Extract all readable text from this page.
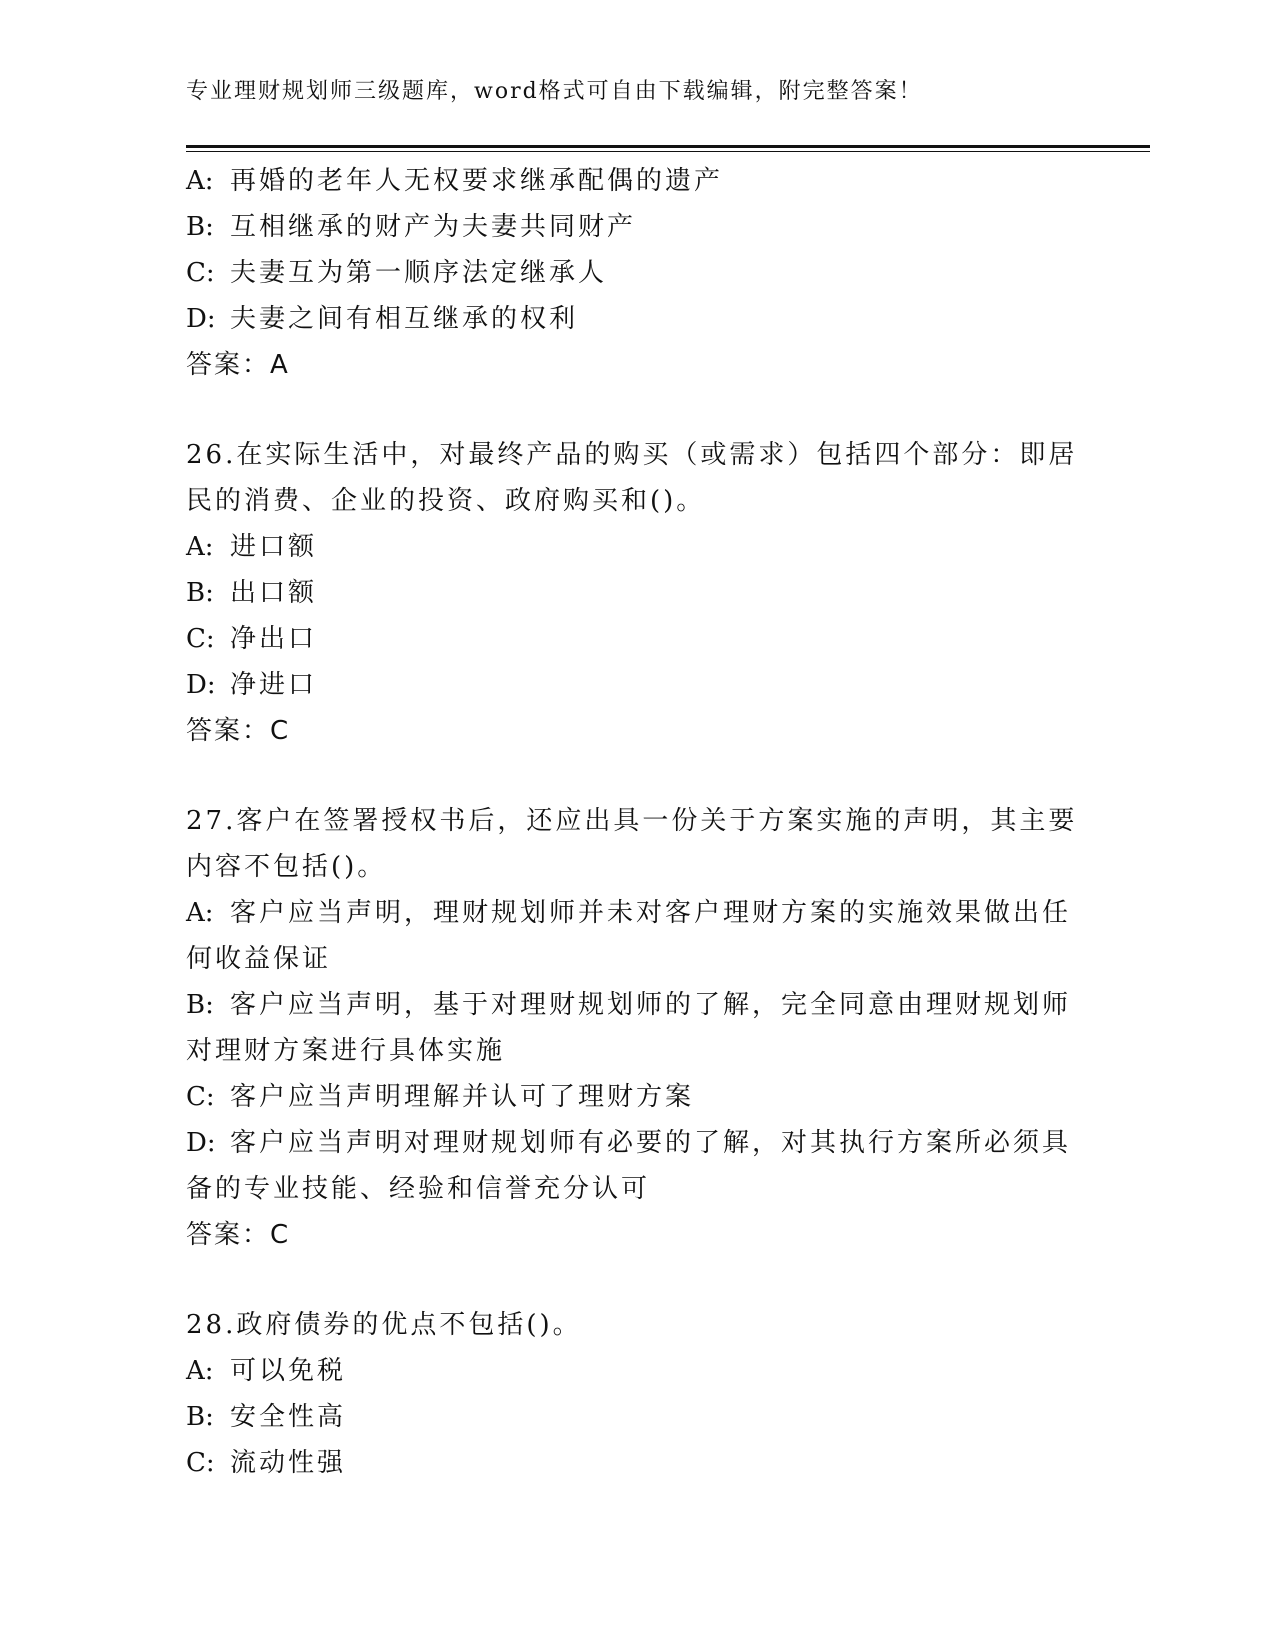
专业理财规划师三级题库，word格式可自由下载编辑，附完整答案！
A: 再婚的老年人无权要求继承配偶的遗产
B: 互相继承的财产为夫妻共同财产
C: 夫妻互为第一顺序法定继承人
D: 夫妻之间有相互继承的权利
答案：A
26.在实际生活中，对最终产品的购买（或需求）包括四个部分：即居
民的消费、企业的投资、政府购买和()。
A: 进口额
B: 出口额
C: 净出口
D: 净进口
答案：C
27.客户在签署授权书后，还应出具一份关于方案实施的声明，其主要
内容不包括()。
A: 客户应当声明，理财规划师并未对客户理财方案的实施效果做出任
何收益保证
B: 客户应当声明，基于对理财规划师的了解，完全同意由理财规划师
对理财方案进行具体实施
C: 客户应当声明理解并认可了理财方案
D: 客户应当声明对理财规划师有必要的了解，对其执行方案所必须具
备的专业技能、经验和信誉充分认可
答案：C
28.政府债券的优点不包括()。
A: 可以免税
B: 安全性高
C: 流动性强
